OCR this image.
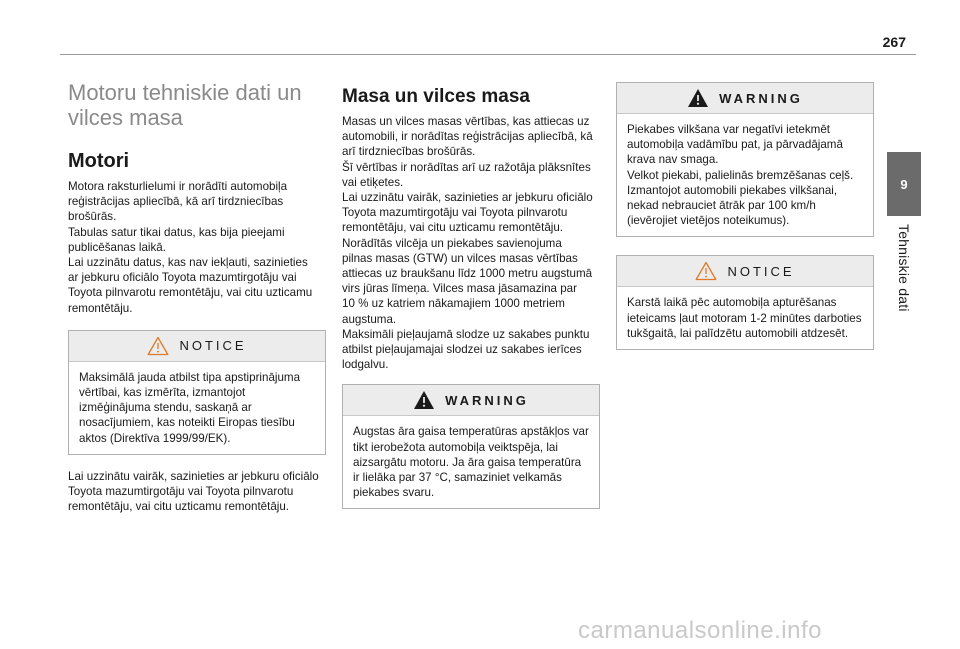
267
9
Tehniskie dati
Motoru tehniskie dati un vilces masa
Motori

Motora raksturlielumi ir norādīti automobiļa
reģistrācijas apliecībā, kā arī tirdzniecības
brošūrās.
Tabulas satur tikai datus, kas bija pieejami
publicēšanas laikā.
Lai uzzinātu datus, kas nav iekļauti, sazinieties
ar jebkuru oficiālo Toyota mazumtirgotāju vai
Toyota pilnvarotu remontētāju, vai citu uzticamu
remontētāju.

NOTICE

Maksimālā jauda atbilst tipa apstiprinājuma
vērtībai, kas izmērīta, izmantojot
izmēģinājuma stendu, saskaņā ar
nosacījumiem, kas noteikti Eiropas tiesību
aktos (Direktīva 1999/99/EK).

Lai uzzinātu vairāk, sazinieties ar jebkuru oficiālo
Toyota mazumtirgotāju vai Toyota pilnvarotu
remontētāju, vai citu uzticamu remontētāju.

Masa un vilces masa

Masas un vilces masas vērtības, kas attiecas uz
automobili, ir norādītas reģistrācijas apliecībā, kā
arī tirdzniecības brošūrās.
Šī vērtības ir norādītas arī uz ražotāja plāksnītes
vai etiķetes.
Lai uzzinātu vairāk, sazinieties ar jebkuru oficiālo
Toyota mazumtirgotāju vai Toyota pilnvarotu
remontētāju, vai citu uzticamu remontētāju.
Norādītās vilcēja un piekabes savienojuma
pilnas masas (GTW) un vilces masas vērtības
attiecas uz braukšanu līdz 1000 metru augstumā
virs jūras līmeņa. Vilces masa jāsamazina par
10 % uz katriem nākamajiem 1000 metriem
augstuma.
Maksimāli pieļaujamā slodze uz sakabes punktu
atbilst pieļaujamajai slodzei uz sakabes ierīces
lodgalvu.

WARNING

Augstas āra gaisa temperatūras apstākļos var
tikt ierobežota automobiļa veiktspēja, lai
aizsargātu motoru. Ja āra gaisa temperatūra
ir lielāka par 37 °C, samaziniet velkamās
piekabes svaru.

WARNING

Piekabes vilkšana var negatīvi ietekmēt
automobiļa vadāmību pat, ja pārvadājamā
krava nav smaga.
Velkot piekabi, palielinās bremzēšanas ceļš.
Izmantojot automobili piekabes vilkšanai,
nekad nebrauciet ātrāk par 100 km/h
(ievērojiet vietējos noteikumus).

NOTICE

Karstā laikā pēc automobiļa apturēšanas
ieteicams ļaut motoram 1-2 minūtes darboties
tukšgaitā, lai palīdzētu automobili atdzesēt.

carmanualsonline.info
